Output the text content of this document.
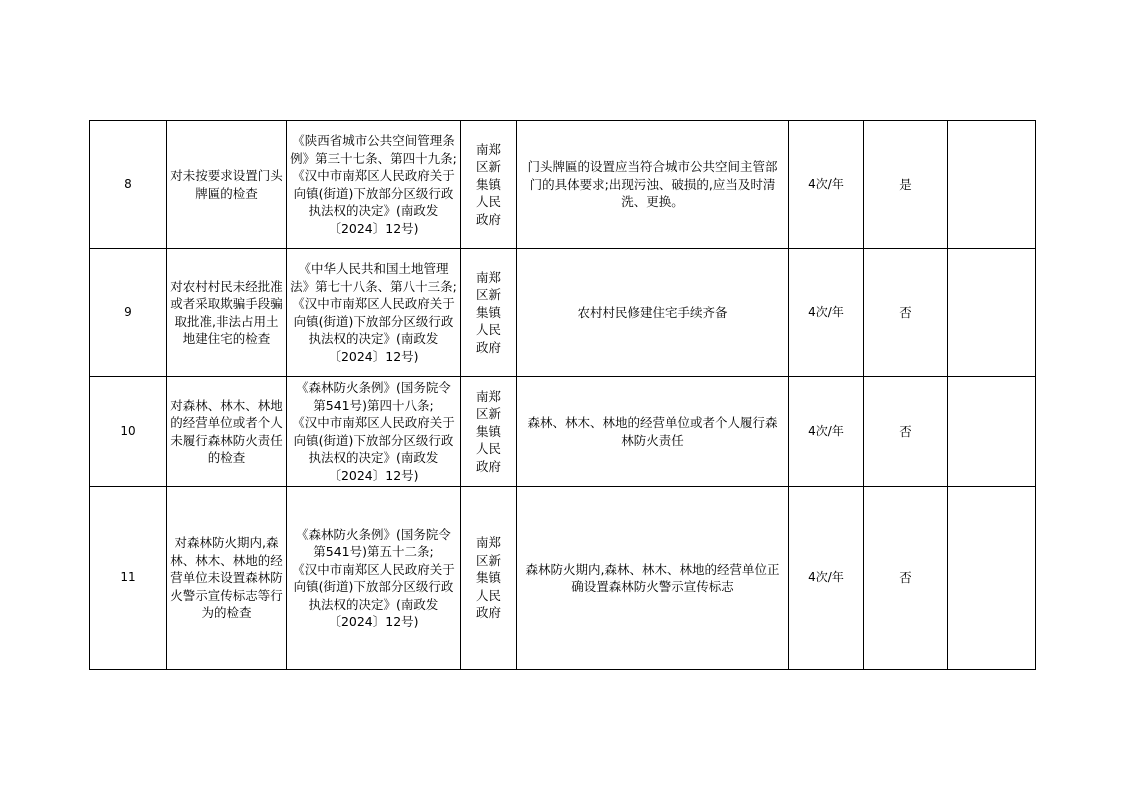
8	对未按要求设置门头牌匾的检查	《陕西省城市公共空间管理条例》第三十七条、第四十九条;
《汉中市南郑区人民政府关于向镇(街道)下放部分区级行政执法权的决定》(南政发〔2024〕12号)	南郑区新集镇人民政府	门头牌匾的设置应当符合城市公共空间主管部门的具体要求;出现污浊、破损的,应当及时清洗、更换。	4次/年	是	
9	对农村村民未经批准或者采取欺骗手段骗取批准,非法占用土地建住宅的检查	《中华人民共和国土地管理法》第七十八条、第八十三条;
《汉中市南郑区人民政府关于向镇(街道)下放部分区级行政执法权的决定》(南政发〔2024〕12号)	南郑区新集镇人民政府	农村村民修建住宅手续齐备	4次/年	否	
10	对森林、林木、林地的经营单位或者个人未履行森林防火责任的检查	《森林防火条例》(国务院令第541号)第四十八条;
《汉中市南郑区人民政府关于向镇(街道)下放部分区级行政执法权的决定》(南政发〔2024〕12号)	南郑区新集镇人民政府	森林、林木、林地的经营单位或者个人履行森林防火责任	4次/年	否	
11	对森林防火期内,森林、林木、林地的经营单位未设置森林防火警示宣传标志等行为的检查	《森林防火条例》(国务院令第541号)第五十二条;
《汉中市南郑区人民政府关于向镇(街道)下放部分区级行政执法权的决定》(南政发〔2024〕12号)	南郑区新集镇人民政府	森林防火期内,森林、林木、林地的经营单位正确设置森林防火警示宣传标志	4次/年	否	
